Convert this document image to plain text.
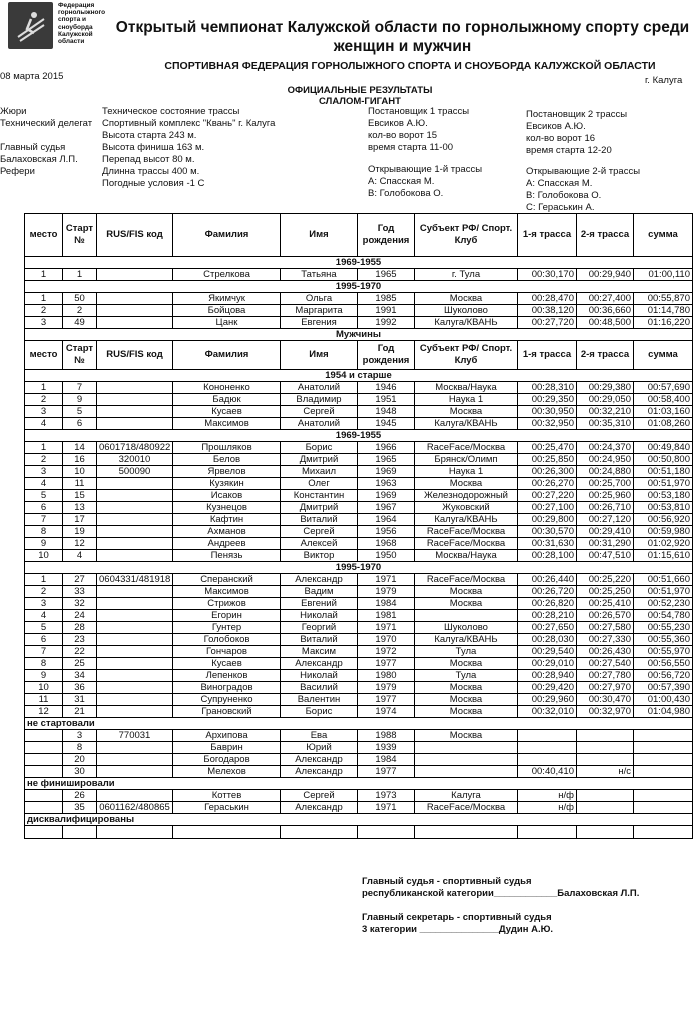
Федерация
горнолыжного
спорта и
сноуборда
Калужской
области
Открытый чемпионат Калужской области по горнолыжному спорту среди женщин и мужчин
СПОРТИВНАЯ ФЕДЕРАЦИЯ ГОРНОЛЫЖНОГО СПОРТА И СНОУБОРДА КАЛУЖСКОЙ ОБЛАСТИ
08 марта 2015	г. Калуга
ОФИЦИАЛЬНЫЕ РЕЗУЛЬТАТЫ
СЛАЛОМ-ГИГАНТ
Жюри
Технический делегат
Главный судья
Балаховская Л.П.
Рефери
Техническое состояние трассы
Спортивный комплекс "Квань" г. Калуга
Высота старта 243 м.
Высота финиша 163 м.
Перепад высот 80 м.
Длинна трассы 400 м.
Погодные условия -1 С
Постановщик 1 трассы
Евсиков А.Ю.
кол-во ворот 15
время старта 11-00
Постановщик 2 трассы
Евсиков А.Ю.
кол-во ворот 16
время старта 12-20
Открывающие 1-й трассы
А: Спасская М.
В: Голобокова О.
Открывающие 2-й трассы
А: Спасская М.
В: Голобокова О.
С: Гераськин А.
место	Старт №	RUS/FIS код	Фамилия	Имя	Год рождения	Субъект РФ/ Спорт. Клуб	1-я трасса	2-я трасса	сумма
1969-1955									
1	1		Стрелкова	Татьяна	1965	г. Тула	00:30,170	00:29,940	01:00,110
1995-1970									
1	50		Якимчук	Ольга	1985	Москва	00:28,470	00:27,400	00:55,870
2	2		Бойцова	Маргарита	1991	Шуколово	00:38,120	00:36,660	01:14,780
3	49		Цанк	Евгения	1992	Калуга/КВАНЬ	00:27,720	00:48,500	01:16,220
Мужчины									
место	Старт №	RUS/FIS код	Фамилия	Имя	Год рождения	Субъект РФ/ Спорт. Клуб	1-я трасса	2-я трасса	сумма
1954 и старше									
1	7		Кононенко	Анатолий	1946	Москва/Наука	00:28,310	00:29,380	00:57,690
2	9		Бадюк	Владимир	1951	Наука 1	00:29,350	00:29,050	00:58,400
3	5		Кусаев	Сергей	1948	Москва	00:30,950	00:32,210	01:03,160
4	6		Максимов	Анатолий	1945	Калуга/КВАНЬ	00:32,950	00:35,310	01:08,260
1969-1955									
1	14	0601718/480922	Прошляков	Борис	1966	RaceFace/Москва	00:25,470	00:24,370	00:49,840
2	16	320010	Белов	Дмитрий	1965	Брянск/Олимп	00:25,850	00:24,950	00:50,800
3	10	500090	Ярвелов	Михаил	1969	Наука 1	00:26,300	00:24,880	00:51,180
4	11		Кузякин	Олег	1963	Москва	00:26,270	00:25,700	00:51,970
5	15		Исаков	Константин	1969	Железнодорожный	00:27,220	00:25,960	00:53,180
6	13		Кузнецов	Дмитрий	1967	Жуковский	00:27,100	00:26,710	00:53,810
7	17		Кафтин	Виталий	1964	Калуга/КВАНЬ	00:29,800	00:27,120	00:56,920
8	19		Ахманов	Сергей	1956	RaceFace/Москва	00:30,570	00:29,410	00:59,980
9	12		Андреев	Алексей	1968	RaceFace/Москва	00:31,630	00:31,290	01:02,920
10	4		Пенязь	Виктор	1950	Москва/Наука	00:28,100	00:47,510	01:15,610
1995-1970									
1	27	0604331/481918	Сперанский	Александр	1971	RaceFace/Москва	00:26,440	00:25,220	00:51,660
2	33		Максимов	Вадим	1979	Москва	00:26,720	00:25,250	00:51,970
3	32		Стрижов	Евгений	1984	Москва	00:26,820	00:25,410	00:52,230
4	24		Егорин	Николай	1981		00:28,210	00:26,570	00:54,780
5	28		Гунтер	Георгий	1971	Шуколово	00:27,650	00:27,580	00:55,230
6	23		Голобоков	Виталий	1970	Калуга/КВАНЬ	00:28,030	00:27,330	00:55,360
7	22		Гончаров	Максим	1972	Тула	00:29,540	00:26,430	00:55,970
8	25		Кусаев	Александр	1977	Москва	00:29,010	00:27,540	00:56,550
9	34		Лепенков	Николай	1980	Тула	00:28,940	00:27,780	00:56,720
10	36		Виноградов	Василий	1979	Москва	00:29,420	00:27,970	00:57,390
11	31		Супруненко	Валентин	1977	Москва	00:29,960	00:30,470	01:00,430
12	21		Грановский	Борис	1974	Москва	00:32,010	00:32,970	01:04,980
не стартовали									
	3	770031	Архипова	Ева	1988	Москва			
	8		Баврин	Юрий	1939				
	20		Богодаров	Александр	1984				
	30		Мелехов	Александр	1977		00:40,410	н/с	
не финишировали									
	26		Коттев	Сергей	1973	Калуга	н/ф		
	35	0601162/480865	Гераськин	Александр	1971	RaceFace/Москва	н/ф		
дисквалифицированы									

Главный судья - спортивный судья
республиканской категории____________Балаховская Л.П.
Главный секретарь - спортивный судья
3 категории _______________Дудин А.Ю.
